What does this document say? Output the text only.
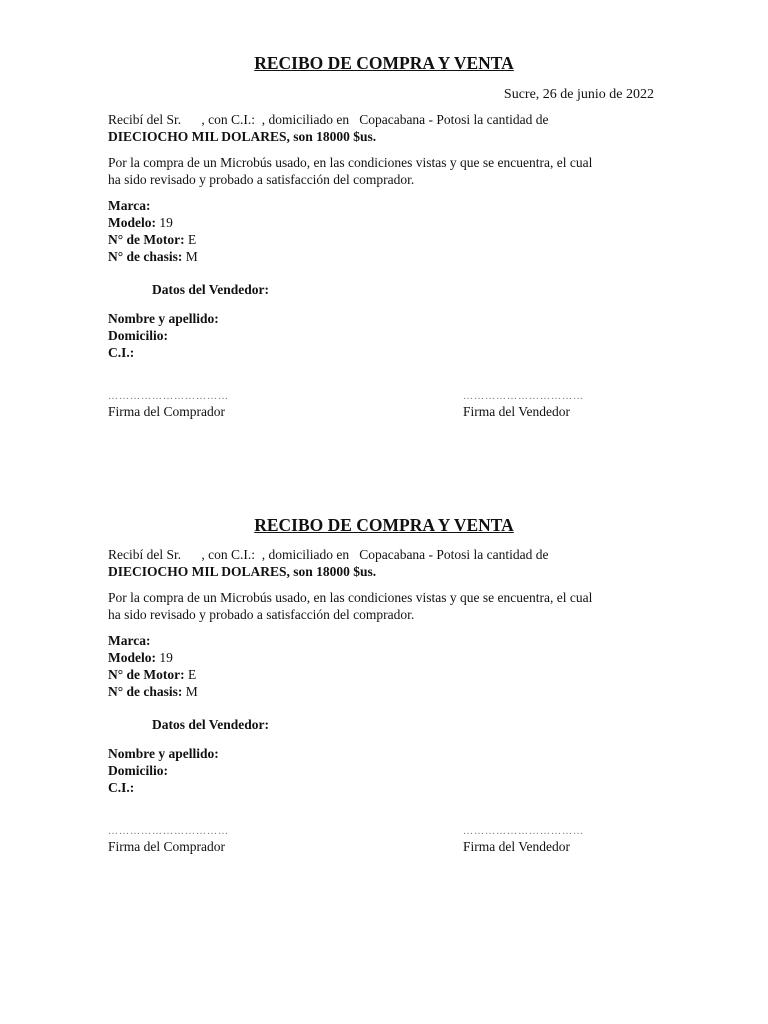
RECIBO DE COMPRA Y VENTA
Sucre, 26 de junio de 2022

Recibí del Sr.      , con C.I.:  , domiciliado en   Copacabana - Potosi la cantidad de

DIECIOCHO MIL DOLARES, son 18000 $us.

Por la compra de un Microbús usado, en las condiciones vistas y que se encuentra, el cual

ha sido revisado y probado a satisfacción del comprador.

Marca:
Modelo: 19
N° de Motor: E
N° de chasis: M
Datos del Vendedor:
Nombre y apellido:
Domicilio:
C.I.:
……………………………
Firma del Comprador
……………………………
Firma del Vendedor
RECIBO DE COMPRA Y VENTA

Recibí del Sr.      , con C.I.:  , domiciliado en   Copacabana - Potosi la cantidad de

DIECIOCHO MIL DOLARES, son 18000 $us.

Por la compra de un Microbús usado, en las condiciones vistas y que se encuentra, el cual

ha sido revisado y probado a satisfacción del comprador.

Marca:
Modelo: 19
N° de Motor: E
N° de chasis: M
Datos del Vendedor:
Nombre y apellido:
Domicilio:
C.I.:
……………………………
Firma del Comprador
……………………………
Firma del Vendedor
